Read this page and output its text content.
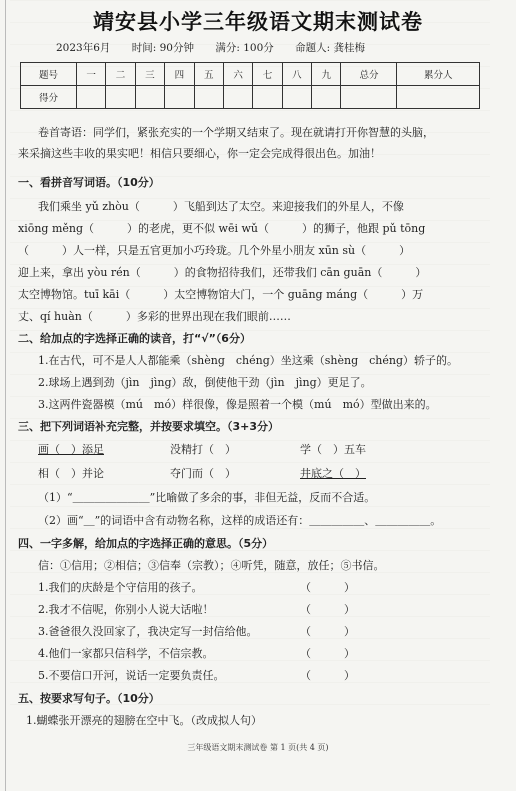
靖安县小学三年级语文期末测试卷
2023年6月 时间: 90分钟 满分: 100分 命题人: 龚桂梅
题号	一	二	三	四	五	六	七	八	九	总分	累分人
得分											
卷首寄语：同学们，紧张充实的一个学期又结束了。现在就请打开你智慧的头脑，
来采摘这些丰收的果实吧！相信只要细心，你一定会完成得很出色。加油！
一、看拼音写词语。（10分）
我们乘坐 yǔ zhòu（　　　）飞船到达了太空。来迎接我们的外星人，不像
xiōng měng（　　　）的老虎，更不似 wēi wǔ（　　　）的狮子，他跟 pǔ tōng
（　　　）人一样，只是五官更加小巧玲珑。几个外星小朋友 xūn sù（　　　）
迎上来，拿出 yòu rén（　　　）的食物招待我们，还带我们 cān guān（　　　）
太空博物馆。tuī kāi（　　　）太空博物馆大门，一个 guāng máng（　　　）万
丈、qí huàn（　　　）多彩的世界出现在我们眼前……
二、给加点的字选择正确的读音，打“√”（6分）
1.在古代，可不是人人都能乘（shèng　chéng）坐这乘（shèng　chéng）轿子的。
2.球场上遇到劲（jìn　jìng）敌，倒使他干劲（jìn　jìng）更足了。
3.这两件瓷器模（mú　mó）样很像，像是照着一个模（mú　mó）型做出来的。
三、把下列词语补充完整，并按要求填空。（3+3分）
画（　）添足	没精打（　）	学（　）五车
相（　）并论	夺门而（　）	井底之（　）
（1）“＿＿＿＿＿＿＿”比喻做了多余的事，非但无益，反而不合适。
（2）画“＿”的词语中含有动物名称，这样的成语还有：＿＿＿＿＿、＿＿＿＿＿。
四、一字多解，给加点的字选择正确的意思。（5分）
信：①信用；②相信；③信奉（宗教）；④听凭，随意，放任；⑤书信。
1.我们的庆龄是个守信用的孩子。	（　　　）
2.我才不信呢，你别小人说大话啦！	（　　　）
3.爸爸很久没回家了，我决定写一封信给他。	（　　　）
4.他们一家都只信科学，不信宗教。	（　　　）
5.不要信口开河，说话一定要负责任。	（　　　）
五、按要求写句子。（10分）
1.蝴蝶张开漂亮的翅膀在空中飞。（改成拟人句）
三年级语文期末测试卷 第 1 页(共 4 页)
